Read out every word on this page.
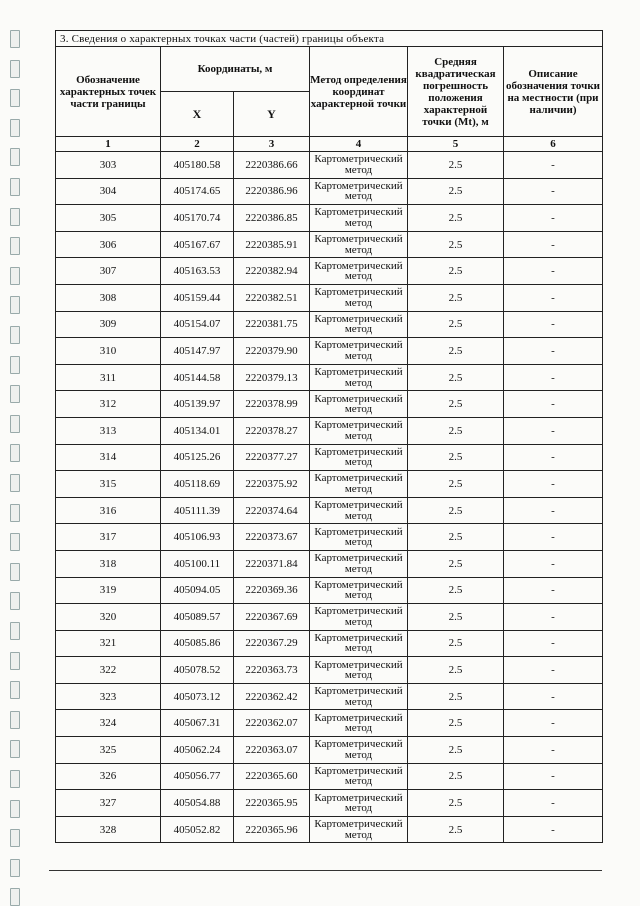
3. Сведения о характерных точках части (частей) границы объекта					
Обозначение характерных точек части границы	Координаты, м		Метод определения координат характерной точки	Средняя квадратическая погрешность положения характерной точки (Mt), м	Описание обозначения точки на местности (при наличии)
	X	Y			
1	2	3	4	5	6
303	405180.58	2220386.66	Картометрический метод	2.5	-
304	405174.65	2220386.96	Картометрический метод	2.5	-
305	405170.74	2220386.85	Картометрический метод	2.5	-
306	405167.67	2220385.91	Картометрический метод	2.5	-
307	405163.53	2220382.94	Картометрический метод	2.5	-
308	405159.44	2220382.51	Картометрический метод	2.5	-
309	405154.07	2220381.75	Картометрический метод	2.5	-
310	405147.97	2220379.90	Картометрический метод	2.5	-
311	405144.58	2220379.13	Картометрический метод	2.5	-
312	405139.97	2220378.99	Картометрический метод	2.5	-
313	405134.01	2220378.27	Картометрический метод	2.5	-
314	405125.26	2220377.27	Картометрический метод	2.5	-
315	405118.69	2220375.92	Картометрический метод	2.5	-
316	405111.39	2220374.64	Картометрический метод	2.5	-
317	405106.93	2220373.67	Картометрический метод	2.5	-
318	405100.11	2220371.84	Картометрический метод	2.5	-
319	405094.05	2220369.36	Картометрический метод	2.5	-
320	405089.57	2220367.69	Картометрический метод	2.5	-
321	405085.86	2220367.29	Картометрический метод	2.5	-
322	405078.52	2220363.73	Картометрический метод	2.5	-
323	405073.12	2220362.42	Картометрический метод	2.5	-
324	405067.31	2220362.07	Картометрический метод	2.5	-
325	405062.24	2220363.07	Картометрический метод	2.5	-
326	405056.77	2220365.60	Картометрический метод	2.5	-
327	405054.88	2220365.95	Картометрический метод	2.5	-
328	405052.82	2220365.96	Картометрический метод	2.5	-
